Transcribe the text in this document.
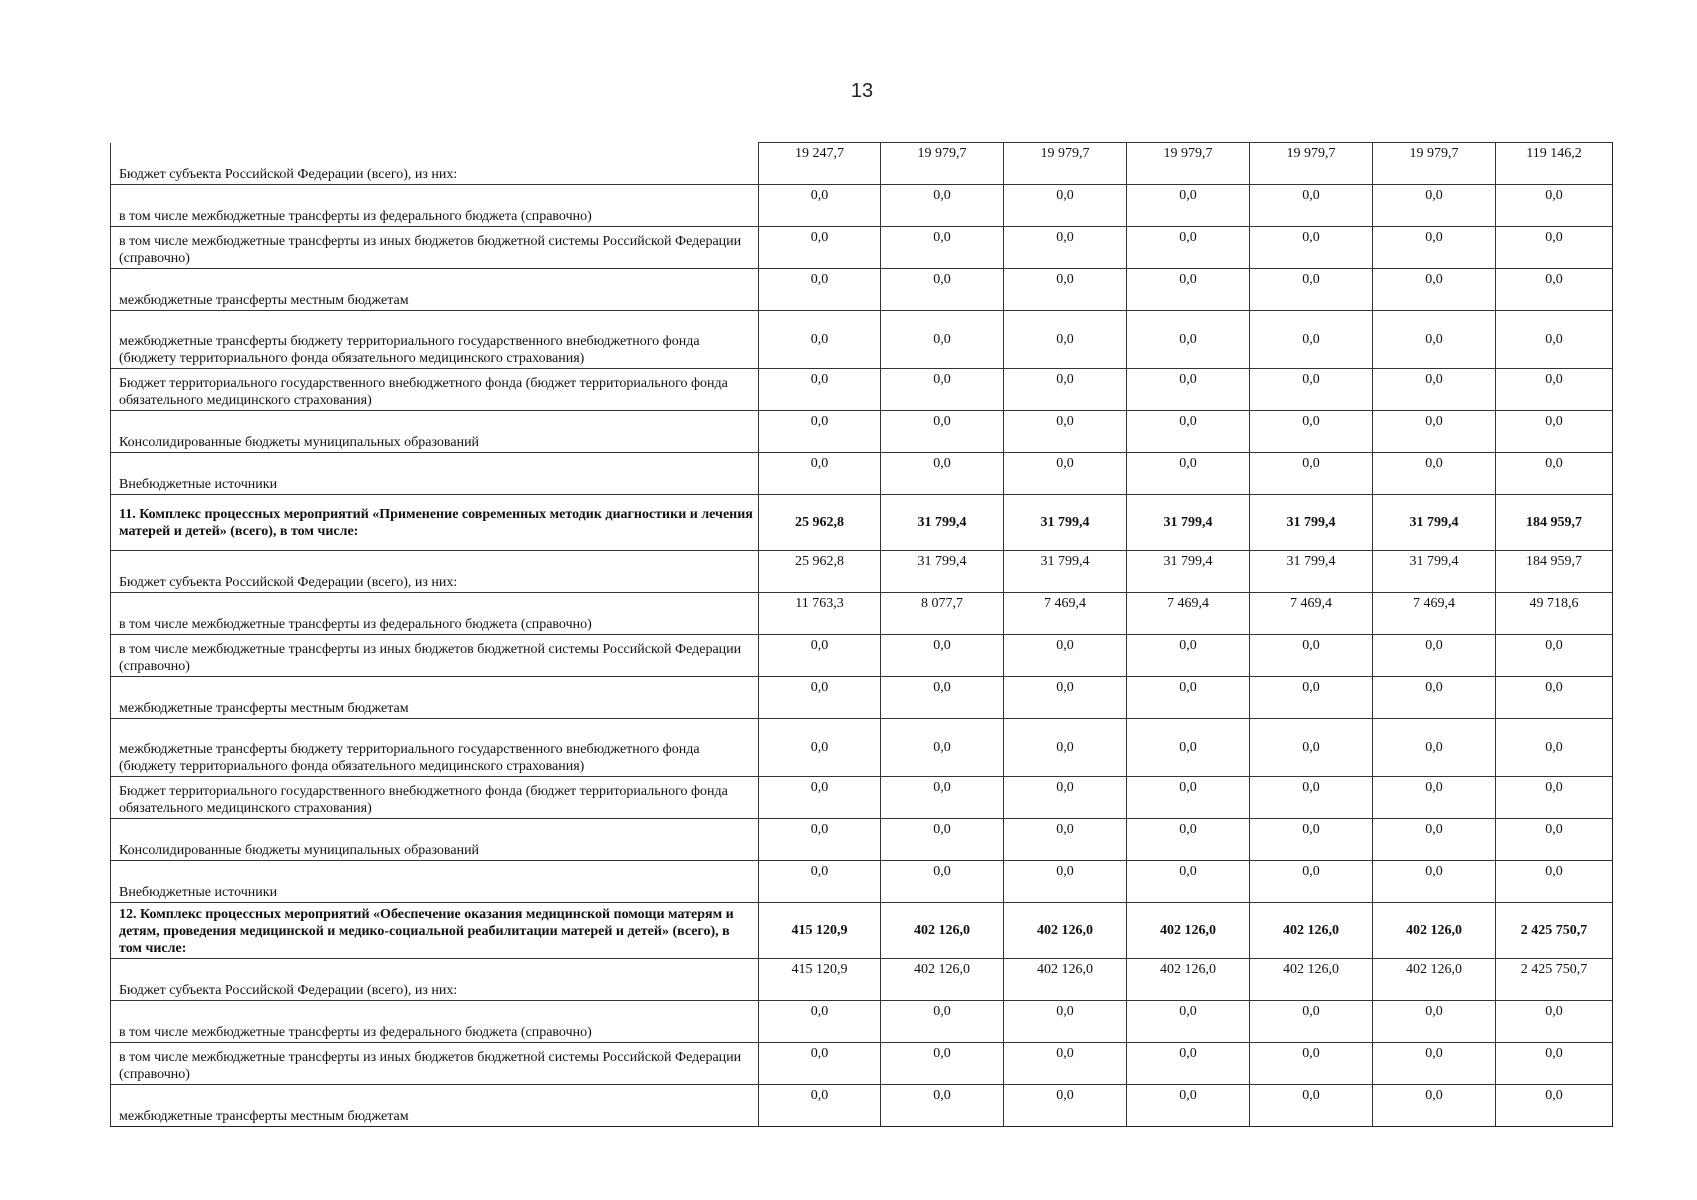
13
Бюджет субъекта Российской Федерации (всего), из них:	19 247,7	19 979,7	19 979,7	19 979,7	19 979,7	19 979,7	119 146,2
в том числе межбюджетные трансферты из федерального бюджета (справочно)	0,0	0,0	0,0	0,0	0,0	0,0	0,0
в том числе межбюджетные трансферты из иных бюджетов бюджетной системы Российской Федерации (справочно)	0,0	0,0	0,0	0,0	0,0	0,0	0,0
межбюджетные трансферты местным бюджетам	0,0	0,0	0,0	0,0	0,0	0,0	0,0
межбюджетные трансферты бюджету территориального государственного внебюджетного фонда (бюджету территориального фонда обязательного медицинского страхования)	0,0	0,0	0,0	0,0	0,0	0,0	0,0
Бюджет территориального государственного внебюджетного фонда (бюджет территориального фонда обязательного медицинского страхования)	0,0	0,0	0,0	0,0	0,0	0,0	0,0
Консолидированные бюджеты муниципальных образований	0,0	0,0	0,0	0,0	0,0	0,0	0,0
Внебюджетные источники	0,0	0,0	0,0	0,0	0,0	0,0	0,0
11. Комплекс процессных мероприятий «Применение современных методик диагностики и лечения матерей и детей» (всего), в том числе:	25 962,8	31 799,4	31 799,4	31 799,4	31 799,4	31 799,4	184 959,7
Бюджет субъекта Российской Федерации (всего), из них:	25 962,8	31 799,4	31 799,4	31 799,4	31 799,4	31 799,4	184 959,7
в том числе межбюджетные трансферты из федерального бюджета (справочно)	11 763,3	8 077,7	7 469,4	7 469,4	7 469,4	7 469,4	49 718,6
в том числе межбюджетные трансферты из иных бюджетов бюджетной системы Российской Федерации (справочно)	0,0	0,0	0,0	0,0	0,0	0,0	0,0
межбюджетные трансферты местным бюджетам	0,0	0,0	0,0	0,0	0,0	0,0	0,0
межбюджетные трансферты бюджету территориального государственного внебюджетного фонда (бюджету территориального фонда обязательного медицинского страхования)	0,0	0,0	0,0	0,0	0,0	0,0	0,0
Бюджет территориального государственного внебюджетного фонда (бюджет территориального фонда обязательного медицинского страхования)	0,0	0,0	0,0	0,0	0,0	0,0	0,0
Консолидированные бюджеты муниципальных образований	0,0	0,0	0,0	0,0	0,0	0,0	0,0
Внебюджетные источники	0,0	0,0	0,0	0,0	0,0	0,0	0,0
12. Комплекс процессных мероприятий «Обеспечение оказания медицинской помощи матерям и детям, проведения медицинской и медико-социальной реабилитации матерей и детей» (всего), в том числе:	415 120,9	402 126,0	402 126,0	402 126,0	402 126,0	402 126,0	2 425 750,7
Бюджет субъекта Российской Федерации (всего), из них:	415 120,9	402 126,0	402 126,0	402 126,0	402 126,0	402 126,0	2 425 750,7
в том числе межбюджетные трансферты из федерального бюджета (справочно)	0,0	0,0	0,0	0,0	0,0	0,0	0,0
в том числе межбюджетные трансферты из иных бюджетов бюджетной системы Российской Федерации (справочно)	0,0	0,0	0,0	0,0	0,0	0,0	0,0
межбюджетные трансферты местным бюджетам	0,0	0,0	0,0	0,0	0,0	0,0	0,0
